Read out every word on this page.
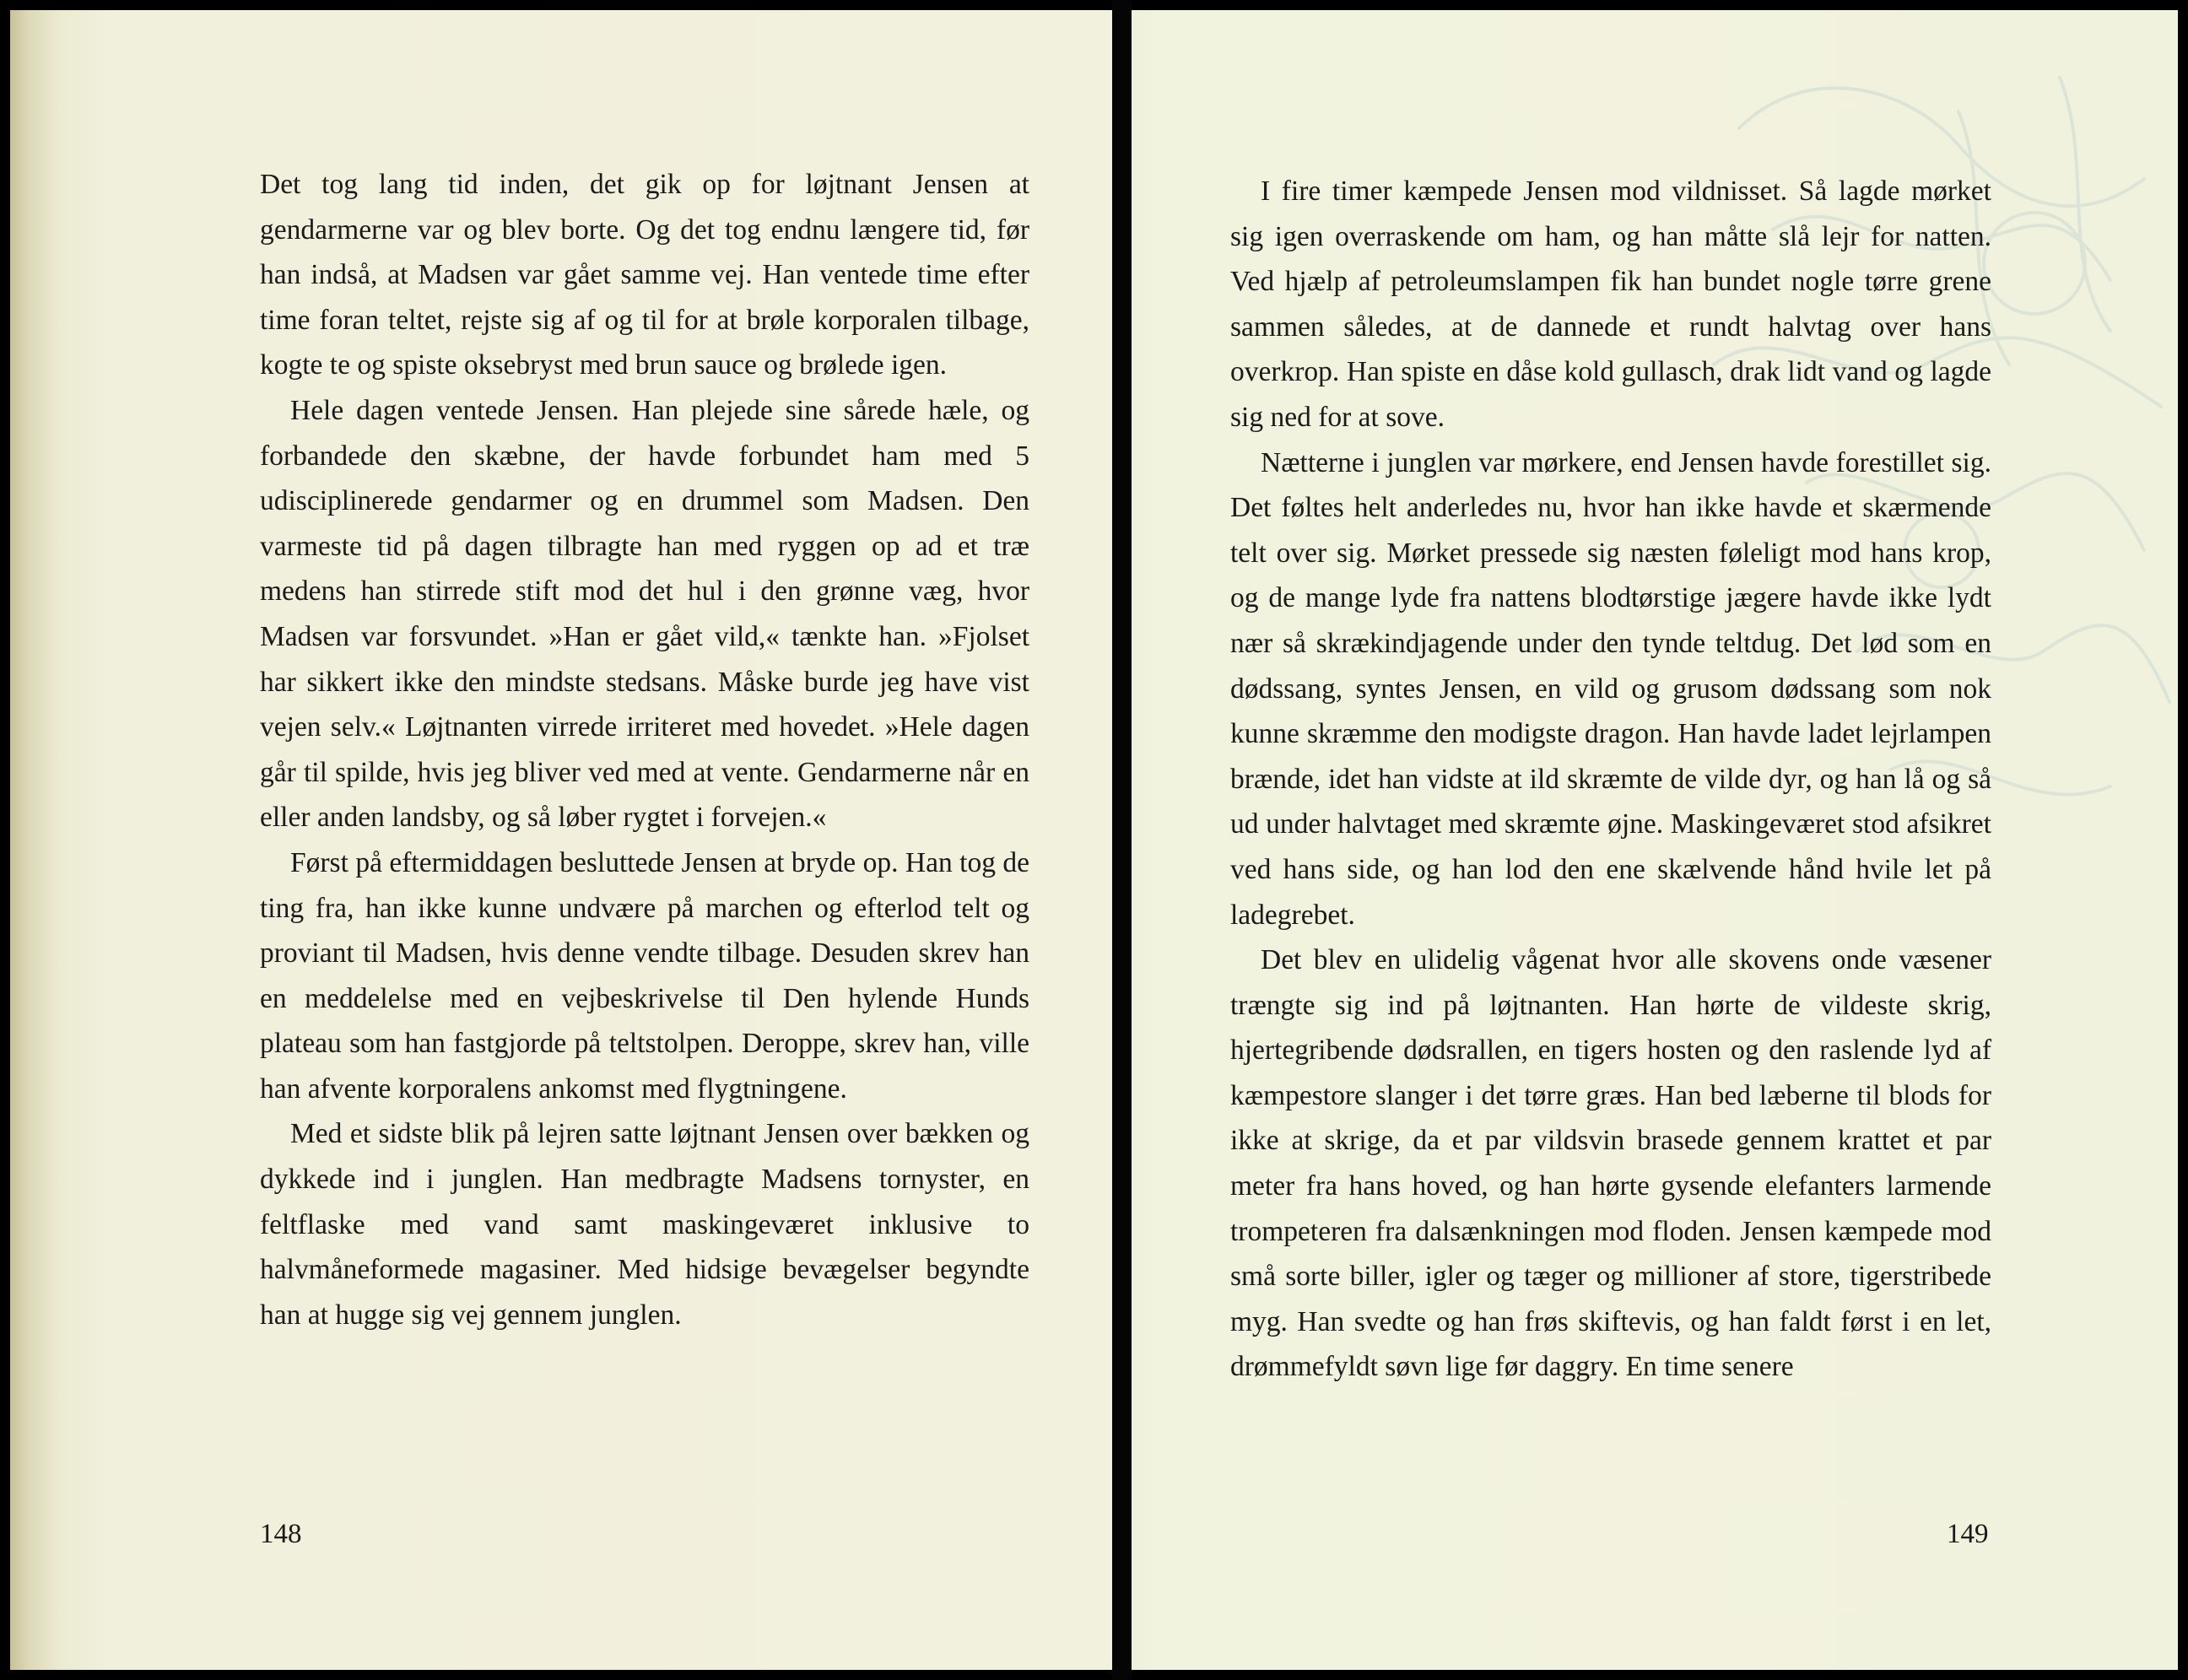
Det tog lang tid inden, det gik op for løjtnant Jensen at gendarmerne var og blev borte. Og det tog endnu længere tid, før han indså, at Madsen var gået samme vej. Han ventede time efter time foran teltet, rejste sig af og til for at brøle korporalen tilbage, kogte te og spiste oksebryst med brun sauce og brølede igen.

Hele dagen ventede Jensen. Han plejede sine sårede hæle, og forbandede den skæbne, der havde forbundet ham med 5 udisciplinerede gendarmer og en drummel som Madsen. Den varmeste tid på dagen tilbragte han med ryggen op ad et træ medens han stirrede stift mod det hul i den grønne væg, hvor Madsen var forsvundet. »Han er gået vild,« tænkte han. »Fjolset har sikkert ikke den mindste stedsans. Måske burde jeg have vist vejen selv.« Løjtnanten virrede irriteret med hovedet. »Hele dagen går til spilde, hvis jeg bliver ved med at vente. Gendarmerne når en eller anden landsby, og så løber rygtet i forvejen.«

Først på eftermiddagen besluttede Jensen at bryde op. Han tog de ting fra, han ikke kunne undvære på marchen og efterlod telt og proviant til Madsen, hvis denne vendte tilbage. Desuden skrev han en meddelelse med en vejbeskrivelse til Den hylende Hunds plateau som han fastgjorde på teltstolpen. Deroppe, skrev han, ville han afvente korporalens ankomst med flygtningene.

Med et sidste blik på lejren satte løjtnant Jensen over bækken og dykkede ind i junglen. Han medbragte Madsens tornyster, en feltflaske med vand samt maskingeværet inklusive to halvmåneformede magasiner. Med hidsige bevægelser begyndte han at hugge sig vej gennem junglen.

148

I fire timer kæmpede Jensen mod vildnisset. Så lagde mørket sig igen overraskende om ham, og han måtte slå lejr for natten. Ved hjælp af petroleumslampen fik han bundet nogle tørre grene sammen således, at de dannede et rundt halvtag over hans overkrop. Han spiste en dåse kold gullasch, drak lidt vand og lagde sig ned for at sove.

Nætterne i junglen var mørkere, end Jensen havde forestillet sig. Det føltes helt anderledes nu, hvor han ikke havde et skærmende telt over sig. Mørket pressede sig næsten føleligt mod hans krop, og de mange lyde fra nattens blodtørstige jægere havde ikke lydt nær så skrækindjagende under den tynde teltdug. Det lød som en dødssang, syntes Jensen, en vild og grusom dødssang som nok kunne skræmme den modigste dragon. Han havde ladet lejrlampen brænde, idet han vidste at ild skræmte de vilde dyr, og han lå og så ud under halvtaget med skræmte øjne. Maskingeværet stod afsikret ved hans side, og han lod den ene skælvende hånd hvile let på ladegrebet.

Det blev en ulidelig vågenat hvor alle skovens onde væsener trængte sig ind på løjtnanten. Han hørte de vildeste skrig, hjertegribende dødsrallen, en tigers hosten og den raslende lyd af kæmpestore slanger i det tørre græs. Han bed læberne til blods for ikke at skrige, da et par vildsvin brasede gennem krattet et par meter fra hans hoved, og han hørte gysende elefanters larmende trompeteren fra dalsænkningen mod floden. Jensen kæmpede mod små sorte biller, igler og tæger og millioner af store, tigerstribede myg. Han svedte og han frøs skiftevis, og han faldt først i en let, drømmefyldt søvn lige før daggry. En time senere

149
